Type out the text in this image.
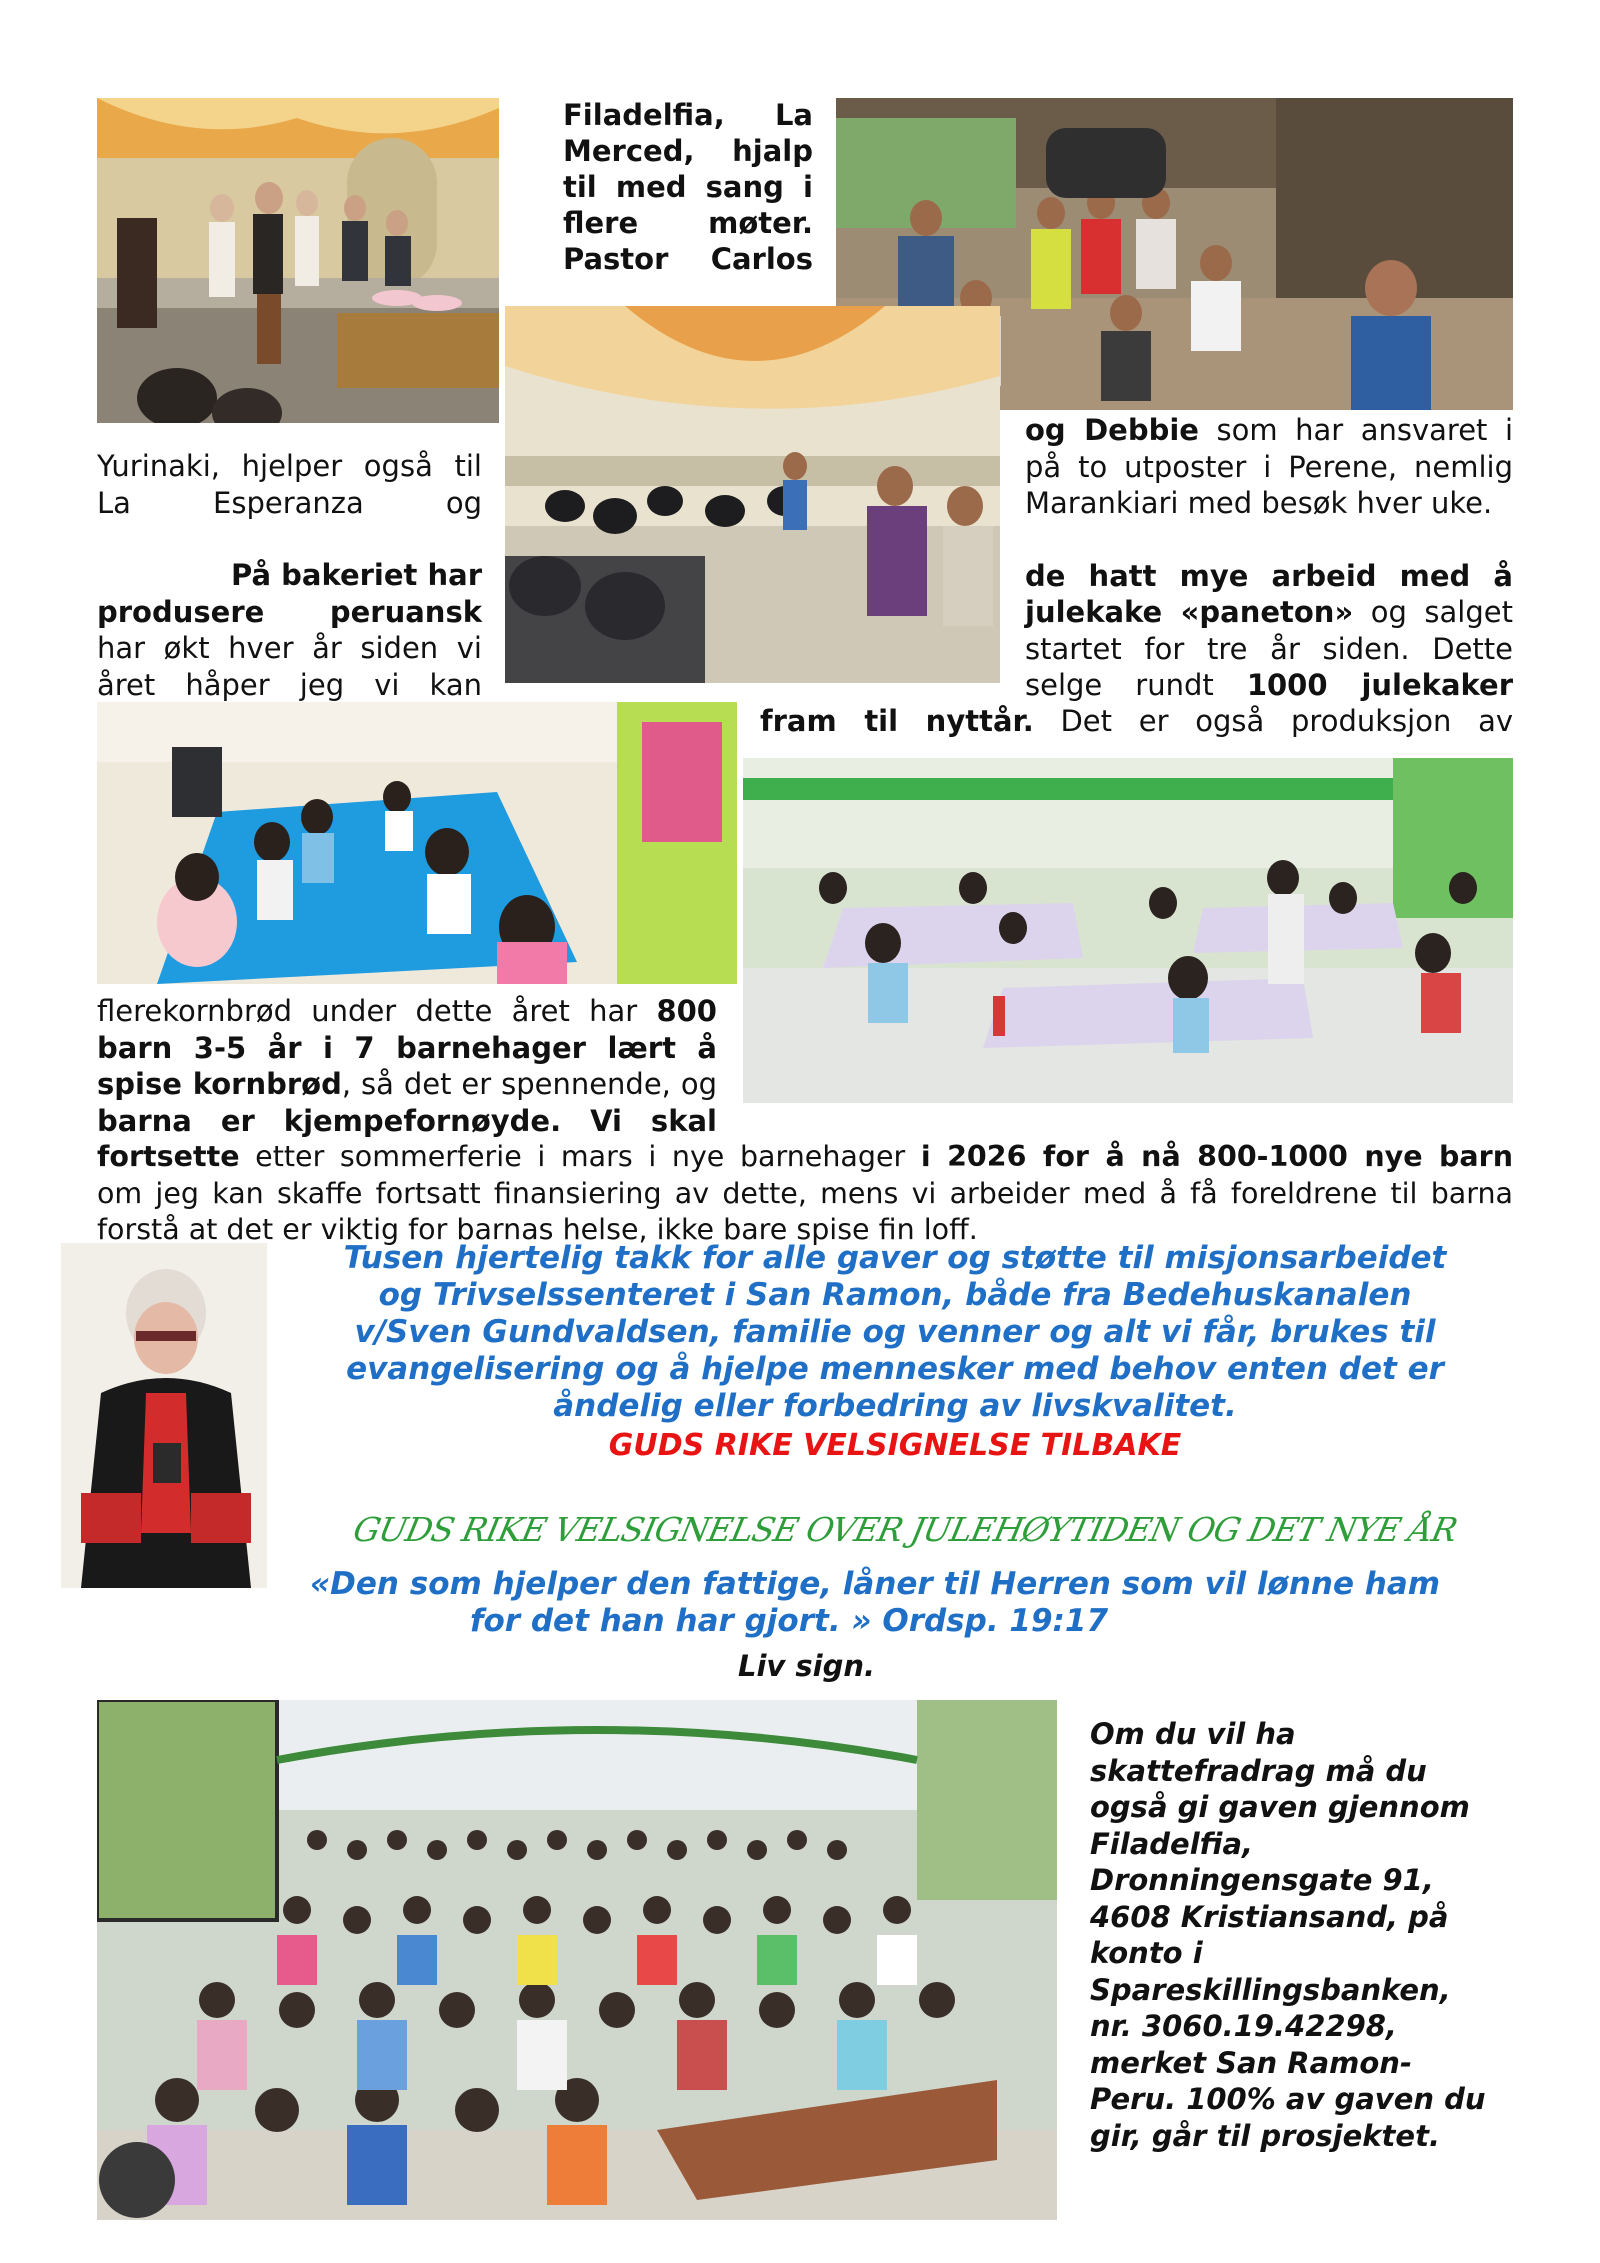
Filadelfia, La
Merced, hjalp
til med sang i
flere møter.
Pastor Carlos
Yurinaki, hjelper også til
La	Esperanza	og
På bakeriet har
produsere peruansk
har økt hver år siden vi
året håper jeg vi kan
og Debbie som har ansvaret i
på to utposter i Perene, nemlig
Marankiari med besøk hver uke.
de hatt mye arbeid med å
julekake «paneton» og salget
startet for tre år siden. Dette
selge rundt 1000 julekaker
fram til nyttår. Det er også produksjon av
flerekornbrød under dette året har 800
barn 3-5 år i 7 barnehager lært å
spise kornbrød, så det er spennende, og
barna er kjempefornøyde. Vi skal
fortsette etter sommerferie i mars i nye barnehager i 2026 for å nå 800-1000 nye barn
om jeg kan skaffe fortsatt finansiering av dette, mens vi arbeider med å få foreldrene til barna
forstå at det er viktig for barnas helse, ikke bare spise fin loff.
Tusen hjertelig takk for alle gaver og støtte til misjonsarbeidet
og Trivselssenteret i San Ramon, både fra Bedehuskanalen
v/Sven Gundvaldsen, familie og venner og alt vi får, brukes til
evangelisering og å hjelpe mennesker med behov enten det er
åndelig eller forbedring av livskvalitet.
GUDS RIKE VELSIGNELSE TILBAKE
GUDS RIKE VELSIGNELSE OVER JULEHØYTIDEN OG DET NYE ÅR
«Den som hjelper den fattige, låner til Herren som vil lønne ham
for det han har gjort. » Ordsp. 19:17
Liv sign.
Om du vil ha
skattefradrag må du
også gi gaven gjennom
Filadelfia,
Dronningensgate 91,
4608 Kristiansand, på
konto i
Spareskillingsbanken,
nr. 3060.19.42298,
merket San Ramon-
Peru. 100% av gaven du
gir, går til prosjektet.
